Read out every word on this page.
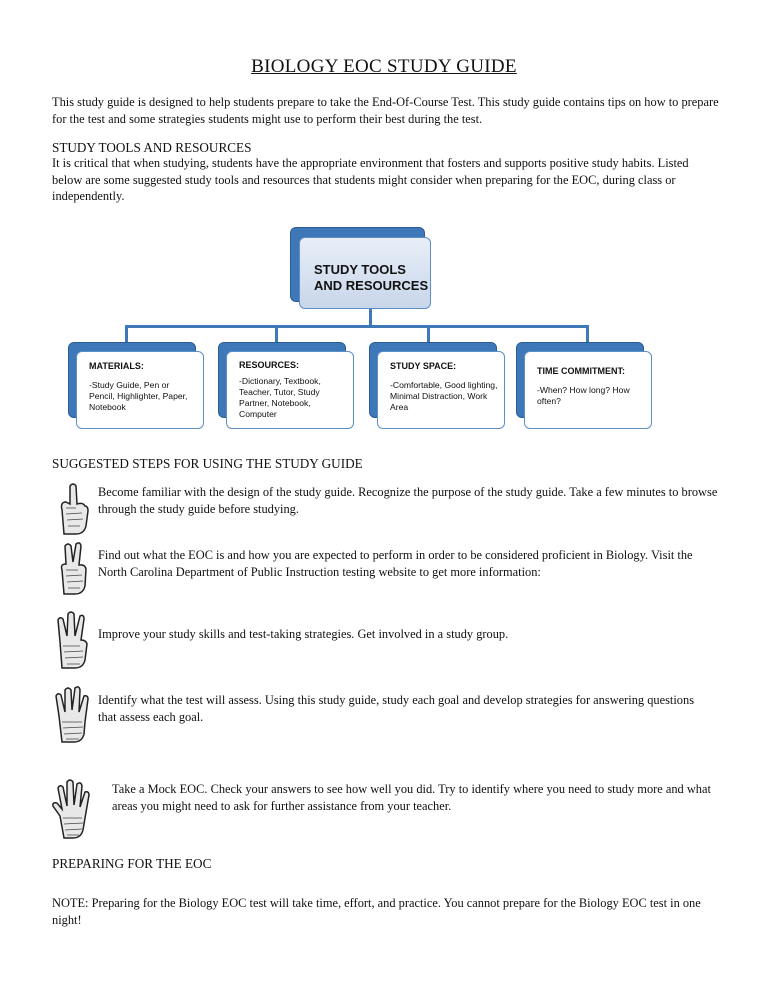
BIOLOGY EOC STUDY GUIDE
This study guide is designed to help students prepare to take the End-Of-Course Test. This study guide contains tips on how to prepare for the test and some strategies students might use to perform their best during the test.
STUDY TOOLS AND RESOURCES
It is critical that when studying, students have the appropriate environment that fosters and supports positive study habits. Listed below are some suggested study tools and resources that students might consider when preparing for the EOC, during class or independently.
STUDY TOOLS
AND RESOURCES
MATERIALS:
-Study Guide, Pen or Pencil, Highlighter, Paper, Notebook
RESOURCES:
-Dictionary, Textbook, Teacher, Tutor, Study Partner, Notebook, Computer
STUDY SPACE:
-Comfortable, Good lighting, Minimal Distraction, Work Area
TIME COMMITMENT:
-When? How long? How often?
SUGGESTED STEPS FOR USING THE STUDY GUIDE
Become familiar with the design of the study guide. Recognize the purpose of the study guide. Take a few minutes to browse through the study guide before studying.
Find out what the EOC is and how you are expected to perform in order to be considered proficient in Biology. Visit the North Carolina Department of Public Instruction testing website to get more information:
Improve your study skills and test-taking strategies. Get involved in a study group.
Identify what the test will assess. Using this study guide, study each goal and develop strategies for answering questions that assess each goal.
Take a Mock EOC. Check your answers to see how well you did. Try to identify where you need to study more and what areas you might need to ask for further assistance from your teacher.
PREPARING FOR THE EOC
NOTE: Preparing for the Biology EOC test will take time, effort, and practice. You cannot prepare for the Biology EOC test in one night!
